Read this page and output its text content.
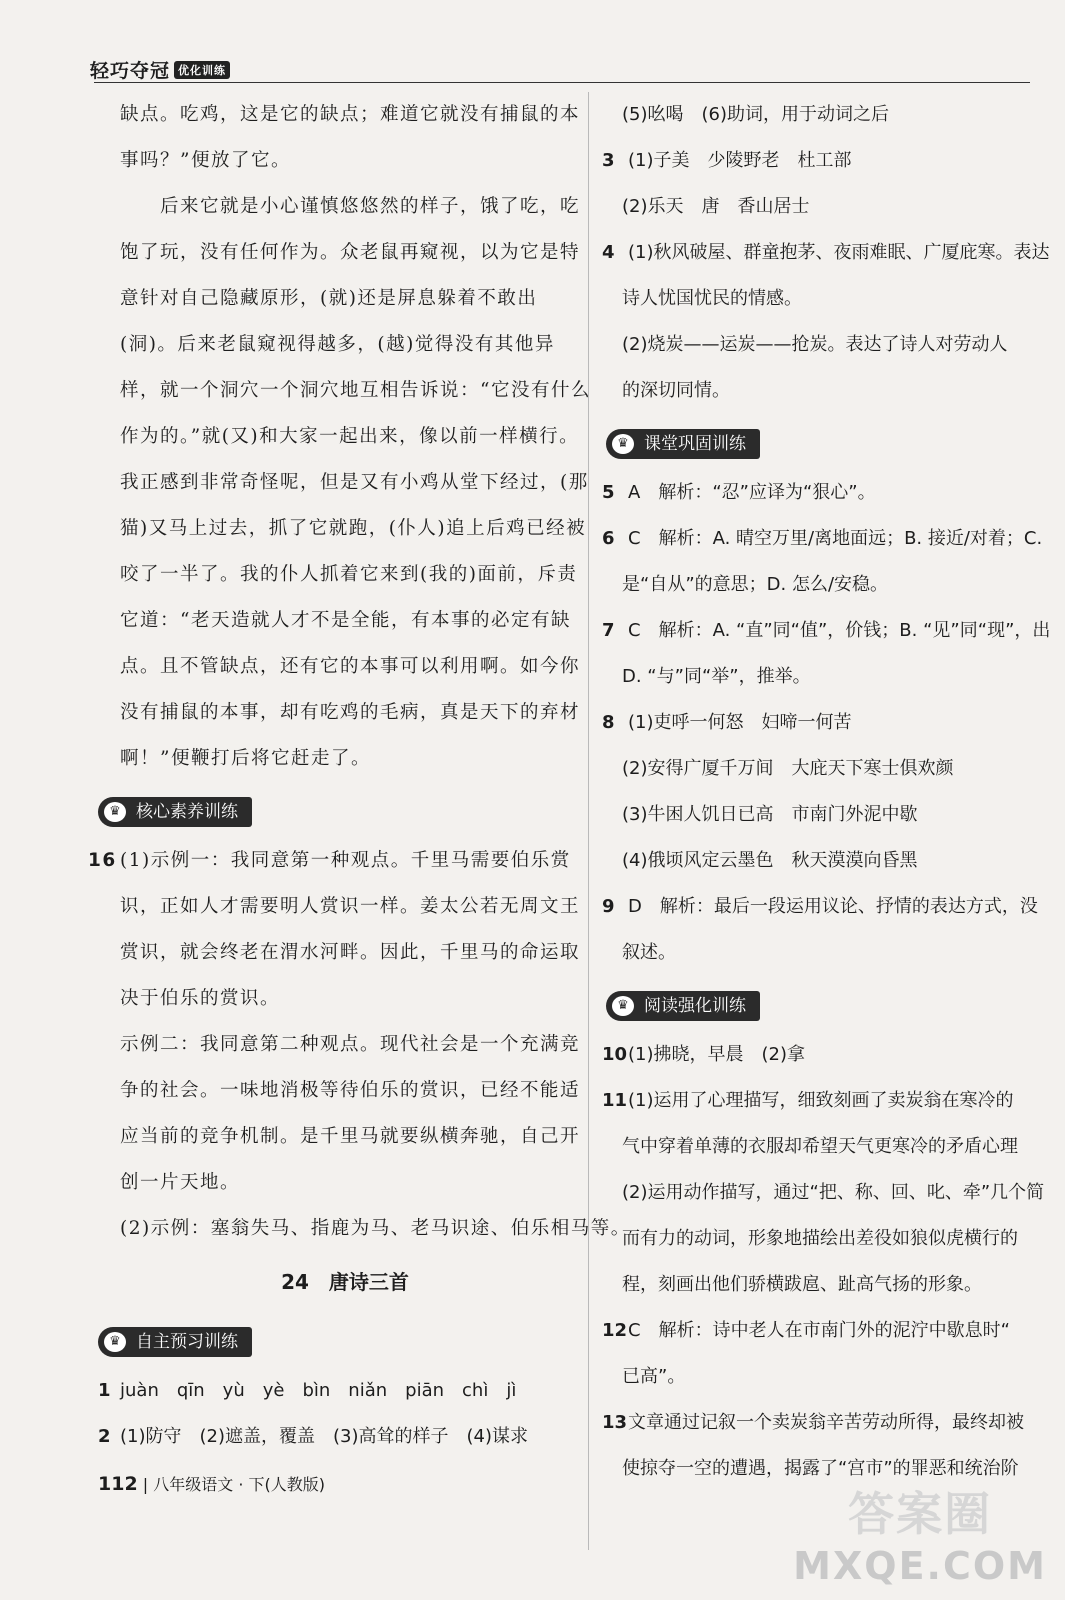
轻巧夺冠 优化训练
缺点。吃鸡，这是它的缺点；难道它就没有捕鼠的本
事吗？”便放了它。
后来它就是小心谨慎悠悠然的样子，饿了吃，吃
饱了玩，没有任何作为。众老鼠再窥视，以为它是特
意针对自己隐藏原形，(就)还是屏息躲着不敢出
(洞)。后来老鼠窥视得越多，(越)觉得没有其他异
样，就一个洞穴一个洞穴地互相告诉说：“它没有什么
作为的。”就(又)和大家一起出来，像以前一样横行。
我正感到非常奇怪呢，但是又有小鸡从堂下经过，(那
猫)又马上过去，抓了它就跑，(仆人)追上后鸡已经被
咬了一半了。我的仆人抓着它来到(我的)面前，斥责
它道：“老天造就人才不是全能，有本事的必定有缺
点。且不管缺点，还有它的本事可以利用啊。如今你
没有捕鼠的本事，却有吃鸡的毛病，真是天下的弃材
啊！”便鞭打后将它赶走了。
♛ 核心素养训练
16 (1)示例一：我同意第一种观点。千里马需要伯乐赏
识，正如人才需要明人赏识一样。姜太公若无周文王
赏识，就会终老在渭水河畔。因此，千里马的命运取
决于伯乐的赏识。
示例二：我同意第二种观点。现代社会是一个充满竞
争的社会。一味地消极等待伯乐的赏识，已经不能适
应当前的竞争机制。是千里马就要纵横奔驰，自己开
创一片天地。
(2)示例：塞翁失马、指鹿为马、老马识途、伯乐相马等。
24　唐诗三首
♛ 自主预习训练
1 juàn　qīn　yù　yè　bìn　niǎn　piān　chì　jì
2 (1)防守　(2)遮盖，覆盖　(3)高耸的样子　(4)谋求
(5)吆喝　(6)助词，用于动词之后
3 (1)子美　少陵野老　杜工部
(2)乐天　唐　香山居士
4 (1)秋风破屋、群童抱茅、夜雨难眠、广厦庇寒。表达
诗人忧国忧民的情感。
(2)烧炭——运炭——抢炭。表达了诗人对劳动人
的深切同情。
♛ 课堂巩固训练
5 A　解析：“忍”应译为“狠心”。
6 C　解析：A. 晴空万里/离地面远；B. 接近/对着；C.
是“自从”的意思；D. 怎么/安稳。
7 C　解析：A. “直”同“值”，价钱；B. “见”同“现”，出
D. “与”同“举”，推举。
8 (1)吏呼一何怒　妇啼一何苦
(2)安得广厦千万间　大庇天下寒士俱欢颜
(3)牛困人饥日已高　市南门外泥中歇
(4)俄顷风定云墨色　秋天漠漠向昏黑
9 D　解析：最后一段运用议论、抒情的表达方式，没
叙述。
♛ 阅读强化训练
10(1)拂晓，早晨　(2)拿
11(1)运用了心理描写，细致刻画了卖炭翁在寒冷的
气中穿着单薄的衣服却希望天气更寒冷的矛盾心理
(2)运用动作描写，通过“把、称、回、叱、牵”几个简
而有力的动词，形象地描绘出差役如狼似虎横行的
程，刻画出他们骄横跋扈、趾高气扬的形象。
12C　解析：诗中老人在市南门外的泥泞中歇息时“
已高”。
13文章通过记叙一个卖炭翁辛苦劳动所得，最终却被
使掠夺一空的遭遇，揭露了“宫市”的罪恶和统治阶
112 | 八年级语文 · 下(人教版)
答案圈
MXQE.COM
